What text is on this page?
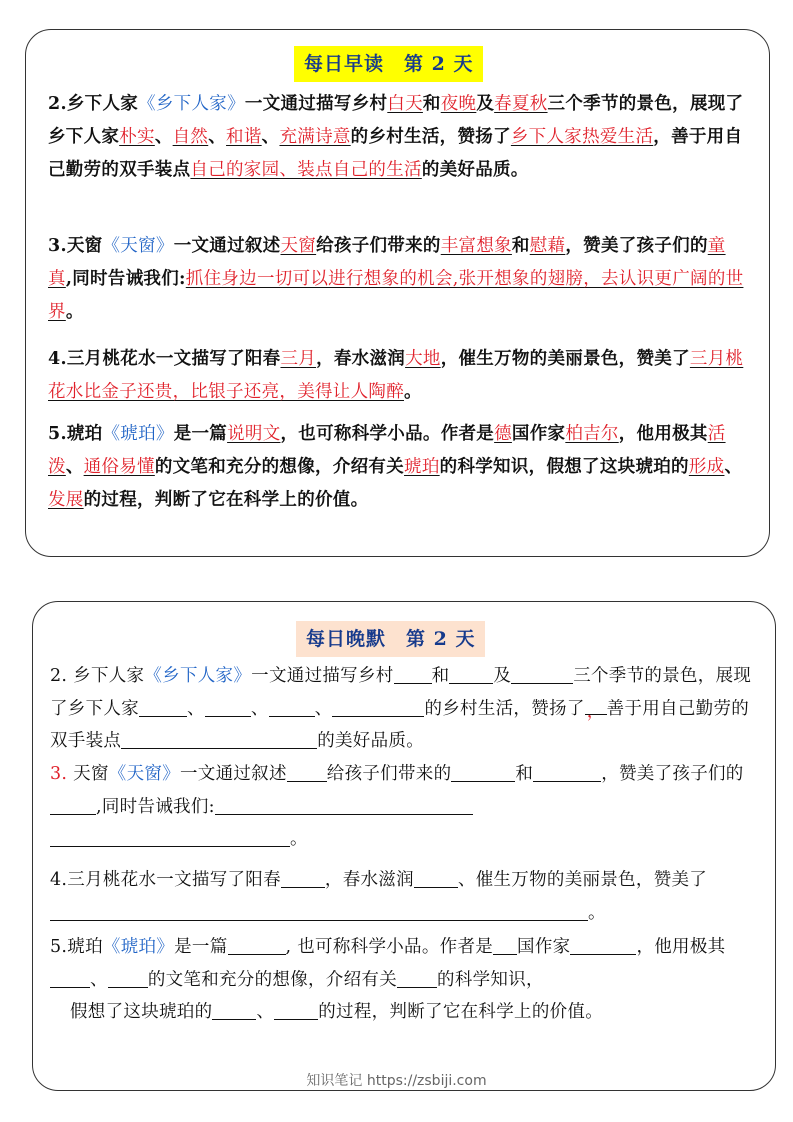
每日早读　第 2 天
2.乡下人家《乡下人家》一文通过描写乡村白天和夜晚及春夏秋三个季节的景色，展现了乡下人家朴实、自然、和谐、充满诗意的乡村生活，赞扬了乡下人家热爱生活，善于用自己勤劳的双手装点自己的家园、装点自己的生活的美好品质。
3.天窗《天窗》一文通过叙述天窗给孩子们带来的丰富想象和慰藉，赞美了孩子们的童真,同时告诫我们:抓住身边一切可以进行想象的机会,张开想象的翅膀，去认识更广阔的世界。
4.三月桃花水一文描写了阳春三月，春水滋润大地，催生万物的美丽景色，赞美了三月桃花水比金子还贵，比银子还亮，美得让人陶醉。
5.琥珀《琥珀》是一篇说明文，也可称科学小品。作者是德国作家柏吉尔，他用极其活泼、通俗易懂的文笔和充分的想像，介绍有关琥珀的科学知识，假想了这块琥珀的形成、发展的过程，判断了它在科学上的价值。
每日晚默　第 2 天
2. 乡下人家《乡下人家》一文通过描写乡村 和	及	三个季节的景色，展现了乡下人家	、	、	、	的乡村生活，赞扬了 ， 善于用自己勤劳的双手装点	的美好品质。
3. 天窗《天窗》一文通过叙述 给孩子们带来的	和	，赞美了孩子们的,同时告诫我们:
。
4.三月桃花水一文描写了阳春	，春水滋润	、催生万物的美丽景色，赞美了。
5.琥珀《琥珀》是一篇	, 也可称科学小品。作者是 国作家	，他用极其、 的文笔和充分的想像，介绍有关 的科学知识，
假想了这块琥珀的	、	的过程，判断了它在科学上的价值。
知识笔记 https://zsbiji.com
